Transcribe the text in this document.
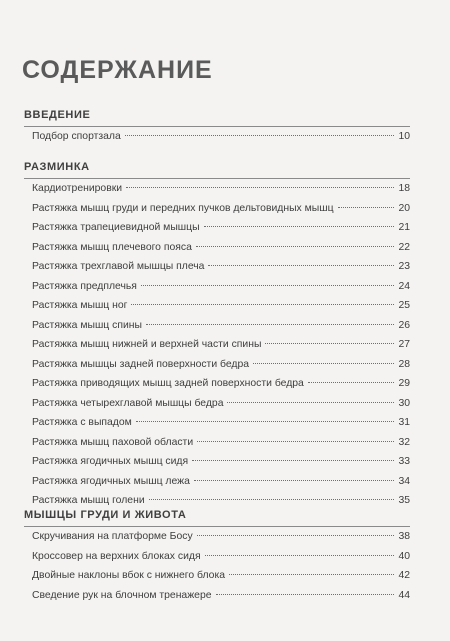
СОДЕРЖАНИЕ
ВВЕДЕНИЕ
Подбор спортзала	10
РАЗМИНКА
Кардиотренировки	18
Растяжка мышц груди и передних пучков дельтовидных мышц	20
Растяжка трапециевидной мышцы	21
Растяжка мышц плечевого пояса	22
Растяжка трехглавой мышцы плеча	23
Растяжка предплечья	24
Растяжка мышц ног	25
Растяжка мышц спины	26
Растяжка мышц нижней и верхней части спины	27
Растяжка мышцы задней поверхности бедра	28
Растяжка приводящих мышц задней поверхности бедра	29
Растяжка четырехглавой мышцы бедра	30
Растяжка с выпадом	31
Растяжка мышц паховой области	32
Растяжка ягодичных мышц сидя	33
Растяжка ягодичных мышц лежа	34
Растяжка мышц голени	35
МЫШЦЫ ГРУДИ И ЖИВОТА
Скручивания на платформе Босу	38
Кроссовер на верхних блоках сидя	40
Двойные наклоны вбок с нижнего блока	42
Сведение рук на блочном тренажере	44
